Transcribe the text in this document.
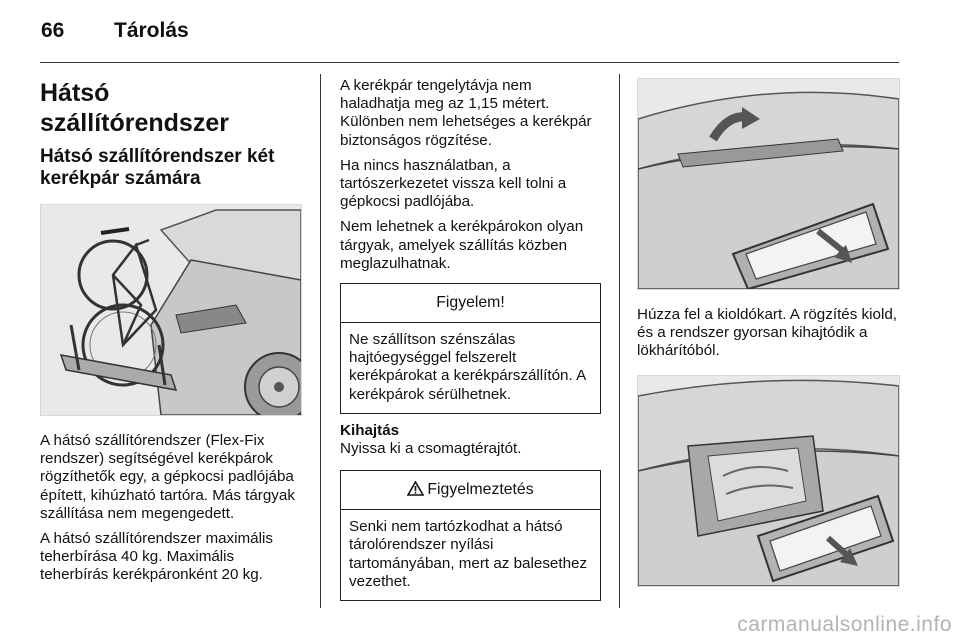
66 Tárolás
Hátsó szállítórendszer
Hátsó szállítórendszer két kerékpár számára

A hátsó szállítórendszer (Flex-Fix rendszer) segítségével kerékpárok rögzíthetők egy, a gépkocsi padlójába épített, kihúzható tartóra. Más tárgyak szállítása nem megengedett.

A hátsó szállítórendszer maximális teherbírása 40 kg. Maximális teherbírás kerékpáronként 20 kg.

A kerékpár tengelytávja nem haladhatja meg az 1,15 métert. Különben nem lehetséges a kerékpár biztonságos rögzítése.

Ha nincs használatban, a tartószerkezetet vissza kell tolni a gépkocsi padlójába.

Nem lehetnek a kerékpárokon olyan tárgyak, amelyek szállítás közben meglazulhatnak.

Figyelem!
Ne szállítson szénszálas hajtóegységgel felszerelt kerékpárokat a kerékpárszállítón. A kerékpárok sérülhetnek.
Kihajtás

Nyissa ki a csomagtérajtót.

Figyelmeztetés
Senki nem tartózkodhat a hátsó tárolórendszer nyílási tartományában, mert az balesethez vezethet.

Húzza fel a kioldókart. A rögzítés kiold, és a rendszer gyorsan kihajtódik a lökhárítóból.

carmanualsonline.info
